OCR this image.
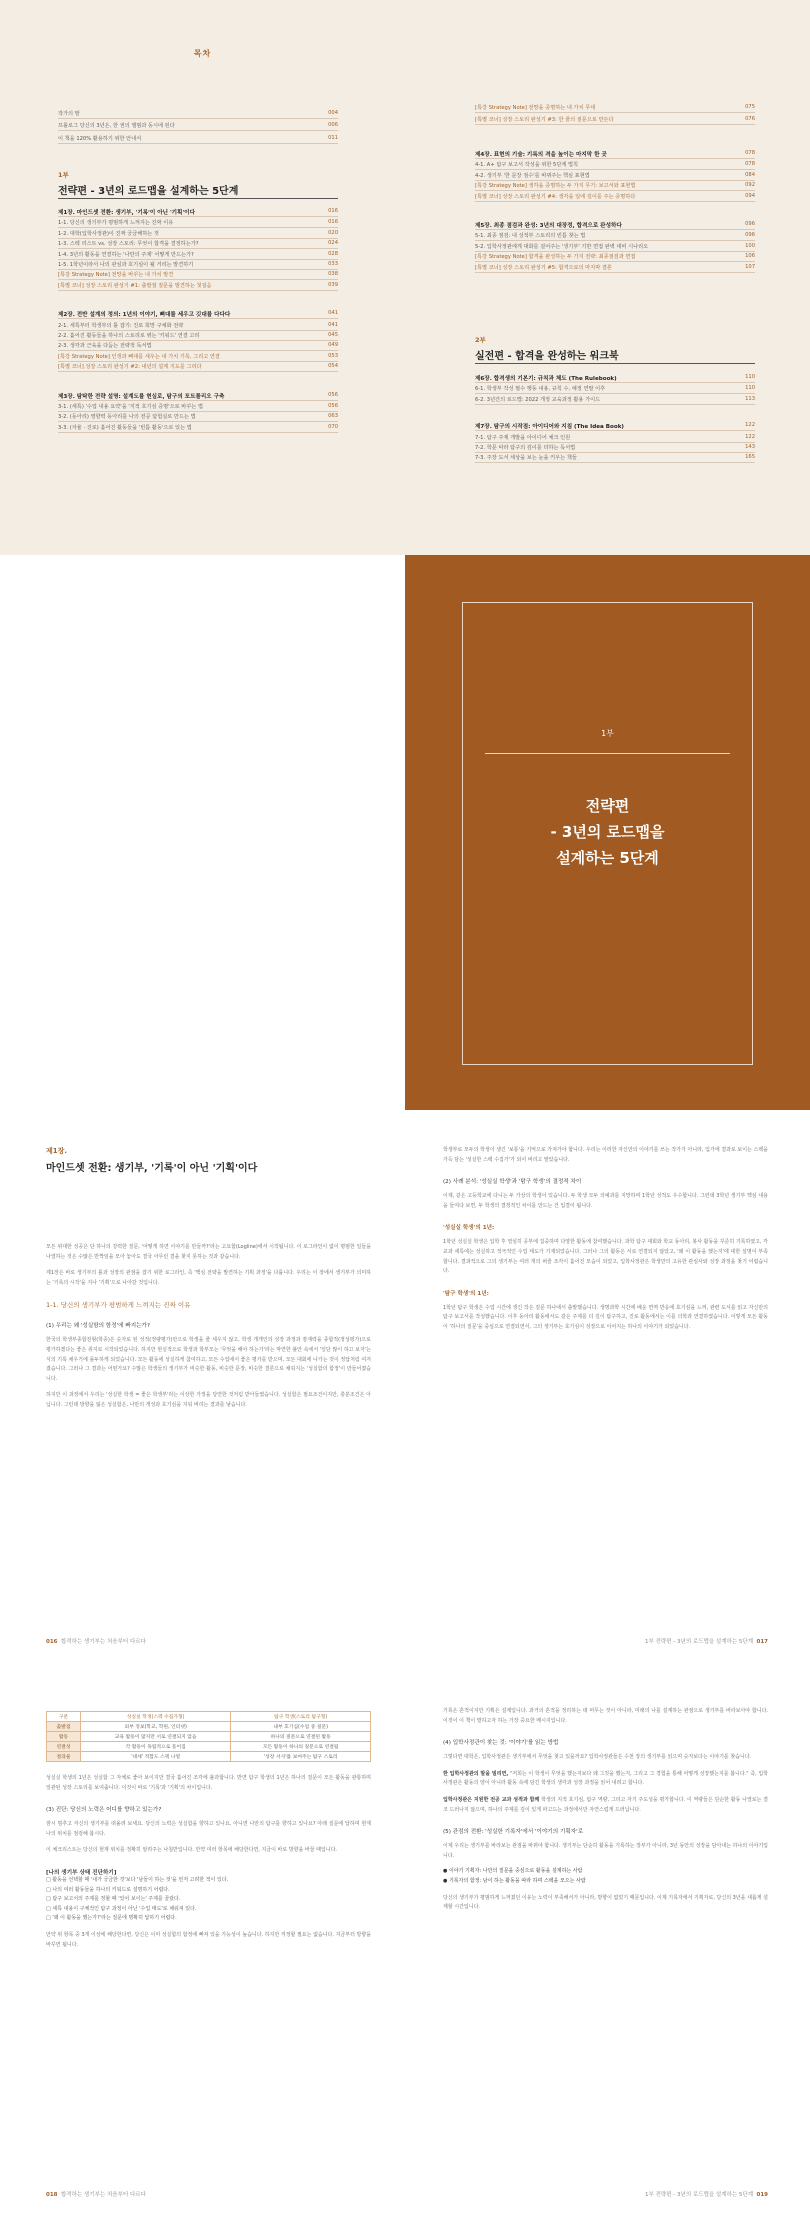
목차
작가의 말	004
프롤로그 당신의 3년은, 한 권의 앨범과 동시에 된다	006
이 책을 120% 활용하기 위한 안내서	011
1부
전략편 - 3년의 로드맵을 설계하는 5단계
제1장. 마인드셋 전환: 생기부, '기록'이 아닌 '기획'이다	016
1-1. 당신의 생기부가 평범하게 느껴지는 진짜 이유	016
1-2. 대학(입학사정관)이 진짜 궁금해하는 것	020
1-3. 스펙 리스트 vs. 성장 스토리: 무엇이 합격을 결정하는가?	024
1-4. 3년의 활동을 연결하는 '나만의 주제' 어떻게 만드는가?	028
1-5. 1학년이라서 나의 관심과 호기심이 될 거리는 발견하기	033
[특강 Strategy Note] 전망을 바꾸는 내 가치 발견	038
[특별 코너] 성장 스토리 완성기 #1: 출발점 질문을 발견하는 첫걸음	039
제2장. 전반 설계의 정의: 1년의 이야기, 뼈대를 세우고 깃대를 다다다	041
2-1. 세특부터 학생부의 틀 잡기: 진로 희망 구체화 전략	041
2-2. 흩어진 활동들을 하나의 스토리로 엮는 '키워드' 연결 고리	045
2-3. 생각과 근육을 다듬는 전략적 독서법	049
[특강 Strategy Note] 인생과 뼈대를 세우는 내 가치 기록, 그리고 연결	053
[특별 코너] 성장 스토리 완성기 #2: 내년의 설계 지도를 그리다	054
제3장. 탐탁한 전략 설명: 설계도를 현실로, 탐구의 포트폴리오 구축	056
3-1. (세특) '수업 내용 요약'을 '지적 호기심 증명'으로 바꾸는 법	056
3-2. (동아리) 영향력 동아리를 나의 전공 탐험실로 만드는 법	063
3-3. (자율 · 진로) 흩어진 활동들을 '빈틈 활동'으로 있는 법	070
[특강 Strategy Note] 전망을 증명하는 내 가치 무대	075
[특별 코너] 성장 스토리 완성기 #3: 한 줄의 질문으로 만든다	076
제4장. 표현의 기술: 기록의 격을 높이는 마지막 한 곳	078
4-1. A+ 탐구 보고서 작성을 위한 5단계 법칙	078
4-2. 생기부 '한 문장 점수'를 바꿔주는 핵심 표현법	084
[특강 Strategy Note] 생각을 증명하는 두 가지 무기: 보고서와 표현법	092
[특별 코너] 성장 스토리 완성기 #4: 생각을 일에 깊이를 주는 증명하다	094
제5장. 최종 점검과 완성: 3년의 대장정, 합격으로 완성하다	096
5-1. 최종 점검: 내 성적부 스토리의 빈틈 찾는 법	096
5-2. 입학사정관에게 대화를 걸어주는 '생기부' 기반 면접 완벽 대비 시나리오	100
[특강 Strategy Note] 합격을 완성하는 두 가지 전략: 최종점검과 면접	106
[특별 코너] 성장 스토리 완성기 #5: 합격으로의 마지막 결론	107
2부
실전편 - 합격을 완성하는 워크북
제6장. 합격생의 기본기: 규칙과 체도 (The Rulebook)	110
6-1. 학생부 작성 필수 행동 내용, 규칙 수, 예정 연말 이후	110
6-2. 3년간의 로드맵: 2022 개정 교육과정 활용 가이드	113
제7장. 탐구의 시작점: 아이디어와 지침 (The Idea Book)	122
7-1. 탐구 주제 개발을 아이디어 체크 인원	122
7-2. 학문 따라 탐구의 깊이를 더하는 독서법	143
7-3. 주장 도서 세상을 보는 눈을 키우는 책들	165
1부
전략편
- 3년의 로드맵을
설계하는 5단계
제1장.
마인드셋 전환: 생기부, '기록'이 아닌 '기획'이다

모든 위대한 성공은 단 하나의 강력한 질문, '어떻게 하면 이야기를 만들까?'라는 고요함(Logline)에서 시작됩니다. 이 로그라인이 없이 평범한 일들을 나열하는 것은 수많은 반짝임을 모아 놓아도 결국 아무런 결을 찾지 못하는 것과 같습니다.

제1장은 바로 생기부의 틀과 성장의 관점을 잡기 위한 로그라인, 즉 '핵심 전략을 발견하는 기획 과정'을 다룹니다. 우리는 이 장에서 생기부가 의미하는 '기록의 시작'을 지나 '기획'으로 나아갈 것입니다.

1-1. 당신의 생기부가 평범하게 느껴지는 진짜 이유
(1) 우리는 왜 '성실함의 함정'에 빠지는가?

한국의 학생부종합전형(학종)은 숫자로 된 성적(정량평가)만으로 학생을 줄 세우지 않고, 학생 개개인의 성장 과정과 잠재력을 종합적(정성평가)으로 평가하겠다는 좋은 취지로 시작되었습니다. 하지만 현실적으로 학생과 학부모는 '무엇을 해야 하는가'라는 막연한 불안 속에서 '일단 많이 하고 보자'는 식의 기록 채우기에 몰두하게 되었습니다. 모든 활동에 성실하게 참여하고, 모든 수업에서 좋은 평가를 받으며, 모든 대회에 나가는 것이 정답처럼 여겨졌습니다. 그러나 그 결과는 어떤가요? 수많은 학생들의 생기부가 비슷한 활동, 비슷한 문장, 비슷한 결론으로 채워지는 '성실함의 함정'이 만들어졌습니다.

하지만 이 과정에서 우리는 '성실한 학생 = 좋은 학생부'라는 이상한 가정을 당연한 것처럼 받아들였습니다. 성실함은 필요조건이지만, 충분조건은 아닙니다. 그런데 방향을 잃은 성실함은, 나만의 개성과 호기심을 지워 버리는 결과를 낳습니다.

016 합격하는 생기부는 처음부터 다르다

학생부로 모두의 학생이 생긴 '보통'을 기억으로 가져가야 합니다. 우리는 이러한 자신만의 이야기를 쓰는 작가가 아니라, 입가에 결과로 보이는 스펙을 가득 담는 '성실한 스펙 수집가'가 되어 버리고 말았습니다.

(2) 사례 분석: '성실실 학생'과 '탐구 학생'의 결정적 차이

이제, 같은 고등학교에 다니는 두 가상의 학생이 있습니다. 두 학생 모두 의예과를 지망하며 1학년 성적도 우수합니다. 그런데 3학년 생기부 핵심 내용을 들여다 보면, 두 학생의 결정적인 차이를 만드는 건 입결이 됩니다.

'성실실 학생'의 1년:

1학년 성실실 학생은 입학 후 열심히 공부에 집중하며 다양한 활동에 참여했습니다. 과학 탐구 대회와 학교 동아리, 봉사 활동을 꾸준히 기록하였고, 각 교과 세특에는 성실하고 적극적인 수업 태도가 기재되었습니다. 그러나 그의 활동은 서로 연결되지 않았고, '왜 이 활동을 했는지'에 대한 설명이 부족합니다. 결과적으로 그의 생기부는 여러 개의 퍼즐 조각이 흩어진 모습이 되었고, 입학사정관은 학생만의 고유한 관심사와 성장 과정을 찾기 어렵습니다.

'탐구 학생'의 1년:

1학년 탐구 학생은 수업 시간에 생긴 작은 질문 하나에서 출발했습니다. 생명과학 시간에 배운 면역 반응에 호기심을 느껴, 관련 도서를 읽고 자신만의 탐구 보고서를 작성했습니다. 이후 동아리 활동에서도 같은 주제를 더 깊이 탐구하고, 진로 활동에서는 이를 의학과 연결하였습니다. 이렇게 모든 활동이 '하나의 질문'을 중심으로 연결되면서, 그의 생기부는 호기심이 성장으로 이어지는 하나의 이야기가 되었습니다.

1부 전략편 - 3년의 로드맵을 설계하는 5단계 017
구분	성실실 학생(스펙 수집가형)	탐구 학생(스토리 탐구형)
출발점	외부 정보(학교, 학원, 인터넷)	내부 호기심(수업 중 질문)
활동	교육 활동이 많지만 서로 연결되지 않음	하나의 질문으로 연결된 활동
연결성	각 활동이 독립적으로 흩어짐	모든 활동이 하나의 질문으로 연결됨
결과물	'대세' 적합도 스펙 나열	'성장 서사'를 보여주는 탐구 스토리

성실실 학생의 1년은 성실함 그 자체로 좋아 보이지만 결국 흩어진 조각에 불과합니다. 반면 탐구 학생의 1년은 하나의 질문이 모든 활동을 관통하며 일관된 성장 스토리를 보여줍니다. 이것이 바로 '기록'과 '기획'의 차이입니다.

(3) 진단: 당신의 노력은 어디를 향하고 있는가?

잠시 멈추고 자신의 생기부를 떠올려 보세요. 당신의 노력은 성실함을 향하고 있나요, 아니면 나만의 탐구를 향하고 있나요? 아래 질문에 답하며 현재 나의 위치를 점검해 봅시다.

이 체크리스트는 당신의 현재 위치를 정확히 알려주는 나침반입니다. 만약 여러 항목에 해당한다면, 지금이 바로 방향을 바꿀 때입니다.

[나의 생기부 상태 진단하기]
□ 활동을 선택할 때 '내가 궁금한 것'보다 '남들이 하는 것'을 먼저 고려한 적이 있다.
□ 나의 여러 활동들을 하나의 키워드로 설명하기 어렵다.
□ 탐구 보고서의 주제를 정할 때 '있어 보이는' 주제를 골랐다.
□ 세특 내용이 구체적인 탐구 과정이 아닌 '수업 태도'로 채워져 있다.
□ '왜 이 활동을 했는가?'라는 질문에 명확히 답하기 어렵다.

만약 위 항목 중 3개 이상에 해당한다면, 당신은 이미 성실함의 함정에 빠져 있을 가능성이 높습니다. 하지만 걱정할 필요는 없습니다. 지금부터 방향을 바꾸면 됩니다.

018 합격하는 생기부는 처음부터 다르다

기록은 흔적이지만 기획은 설계입니다. 과거의 흔적을 정리하는 데 머무는 것이 아니라, 미래의 나를 설계하는 관점으로 생기부를 바라보아야 합니다. 이것이 이 책이 말하고자 하는 가장 중요한 메시지입니다.

(4) 입학사정관이 찾는 것: '이야기'를 읽는 방법

그렇다면 대학은, 입학사정관은 생기부에서 무엇을 찾고 있을까요? 입학사정관들은 수천 장의 생기부를 읽으며 숫자보다는 이야기를 찾습니다.

한 입학사정관의 말을 빌리면, "저희는 이 학생이 무엇을 했는지보다 왜 그것을 했는지, 그리고 그 경험을 통해 어떻게 성장했는지를 봅니다." 즉, 입학사정관은 활동의 양이 아니라 활동 속에 담긴 학생의 생각과 성장 과정을 읽어 내려고 합니다.

입학사정관은 지원한 전공 교과 성적과 함께 학생의 지적 호기심, 탐구 역량, 그리고 자기 주도성을 평가합니다. 이 역량들은 단순한 활동 나열로는 결코 드러나지 않으며, 하나의 주제를 깊이 있게 파고드는 과정에서만 자연스럽게 드러납니다.

(5) 관점의 전환: '성실한 기록자'에서 '이야기의 기획자'로

이제 우리는 생기부를 바라보는 관점을 바꿔야 합니다. 생기부는 단순히 활동을 기록하는 장부가 아니라, 3년 동안의 성장을 담아내는 하나의 이야기입니다.

● 이야기 기획자: 나만의 질문을 중심으로 활동을 설계하는 사람
● 기록자의 함정: 남이 하는 활동을 따라 하며 스펙을 모으는 사람

당신의 생기부가 평범하게 느껴졌던 이유는 노력이 부족해서가 아니라, 방향이 없었기 때문입니다. 이제 기록자에서 기획자로, 당신의 3년을 새롭게 설계할 시간입니다.

1부 전략편 - 3년의 로드맵을 설계하는 5단계 019
